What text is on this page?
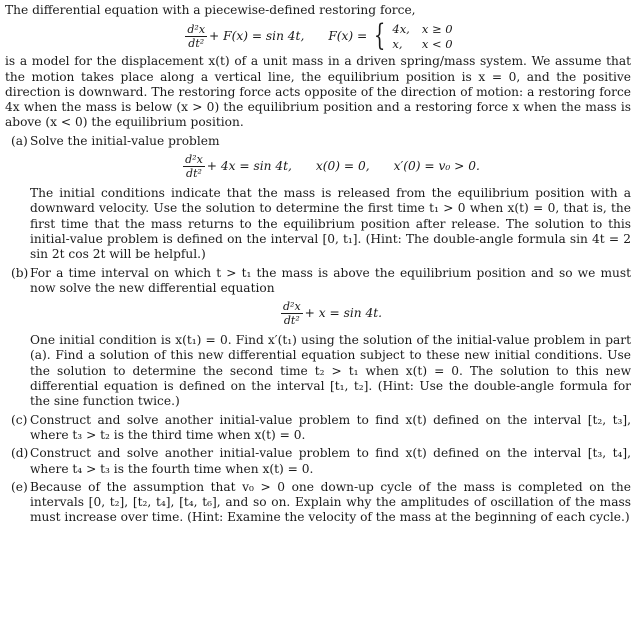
The differential equation with a piecewise-defined restoring force,

$\frac{\text{d²x}}{\text{dt²}} + F(x) = \sin 4t$, F(x) = { 4x, x ≥ 0
x,	x < 0

is a model for the displacement x(t) of a unit mass in a driven spring/mass system. We assume that the motion takes place along a vertical line, the equilibrium position is x = 0, and the positive direction is downward. The restoring force acts opposite of the direction of motion: a restoring force 4x when the mass is below (x > 0) the equilibrium position and a restoring force x when the mass is above (x < 0) the equilibrium position.

(a) Solve the initial-value problem

$\frac{\text{d²x}}{\text{dt²}} + 4x = \sin 4t$, x(0) = 0, x′(0) = v₀ > 0.

The initial conditions indicate that the mass is released from the equilibrium position with a downward velocity. Use the solution to determine the first time t₁ > 0 when x(t) = 0, that is, the first time that the mass returns to the equilibrium position after release. The solution to this initial-value problem is defined on the interval [0, t₁]. (Hint: The double-angle formula sin 4t = 2 sin 2t cos 2t will be helpful.)

(b) For a time interval on which t > t₁ the mass is above the equilibrium position and so we must now solve the new differential equation

$\frac{\text{d²x}}{\text{dt²}} + x = \sin 4t$.

One initial condition is x(t₁) = 0. Find x′(t₁) using the solution of the initial-value problem in part (a). Find a solution of this new differential equation subject to these new initial conditions. Use the solution to determine the second time t₂ > t₁ when x(t) = 0. The solution to this new differential equation is defined on the interval [t₁, t₂]. (Hint: Use the double-angle formula for the sine function twice.)

(c) Construct and solve another initial-value problem to find x(t) defined on the interval [t₂, t₃], where t₃ > t₂ is the third time when x(t) = 0.

(d) Construct and solve another initial-value problem to find x(t) defined on the interval [t₃, t₄], where t₄ > t₃ is the fourth time when x(t) = 0.

(e) Because of the assumption that v₀ > 0 one down-up cycle of the mass is completed on the intervals [0, t₂], [t₂, t₄], [t₄, t₆], and so on. Explain why the amplitudes of oscillation of the mass must increase over time. (Hint: Examine the velocity of the mass at the beginning of each cycle.)
